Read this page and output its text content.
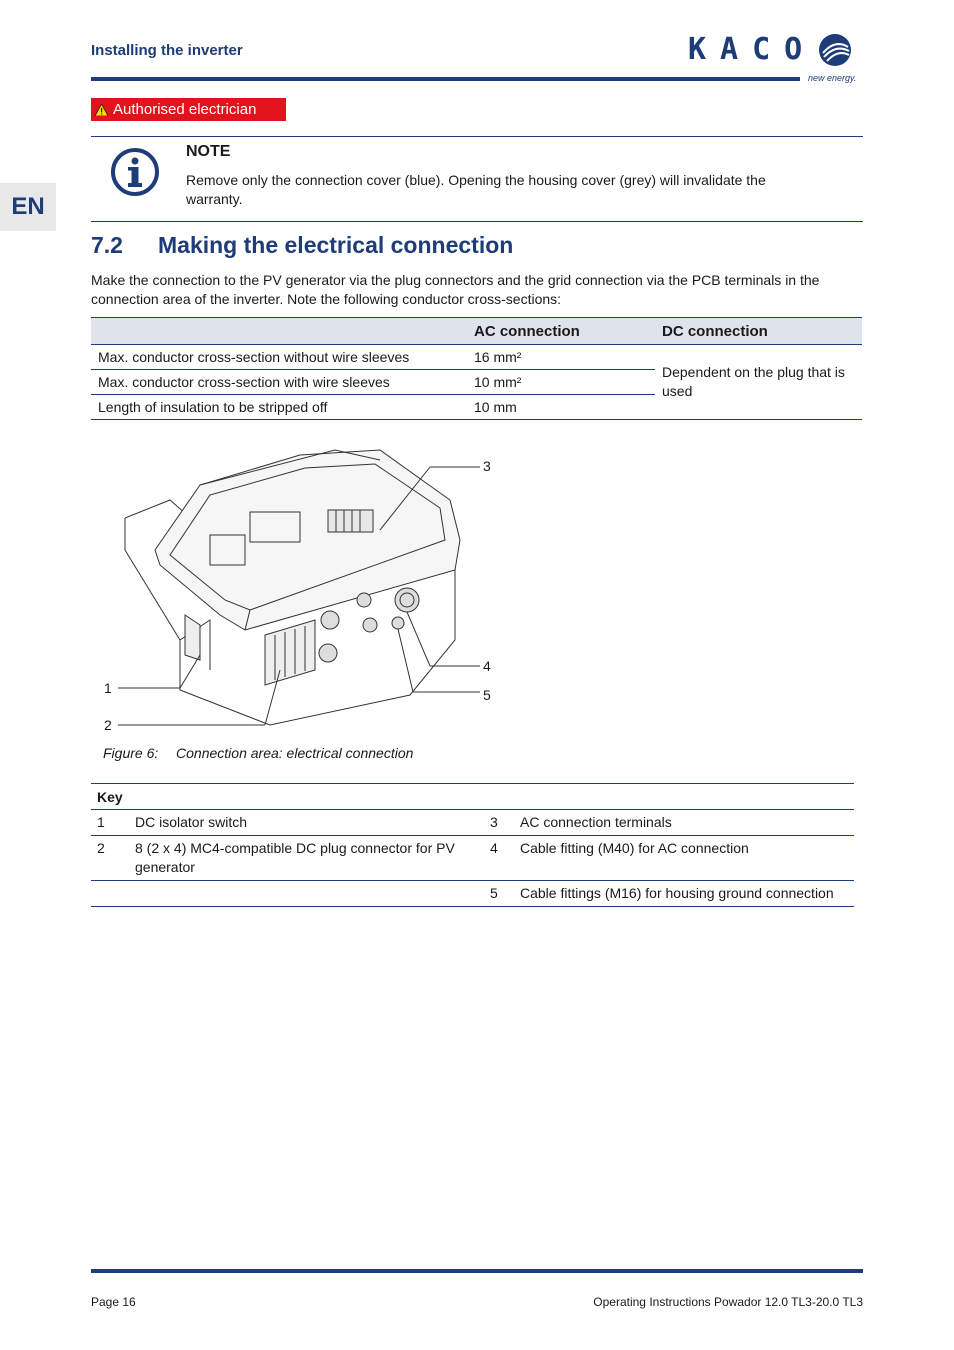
Installing the inverter	KACO
new energy.
EN
Authorised electrician
NOTE
Remove only the connection cover (blue). Opening the housing cover (grey) will invalidate the warranty.
7.2 Making the electrical connection
Make the connection to the PV generator via the plug connectors and the grid connection via the PCB terminals in the connection area of the inverter. Note the following conductor cross-sections:
	AC connection	DC connection
Max. conductor cross-section without wire sleeves	16 mm²	Dependent on the plug that is used
Max. conductor cross-section with wire sleeves	10 mm²	
Length of insulation to be stripped off	10 mm	
3
4
5
1
2
Figure 6: Connection area: electrical connection
Key			
1	DC isolator switch	3	AC connection terminals
2	8 (2 x 4) MC4-compatible DC plug connector for PV generator	4	Cable fitting (M40) for AC connection
		5	Cable fittings (M16) for housing ground connection
Page 16	Operating Instructions Powador 12.0 TL3-20.0 TL3
